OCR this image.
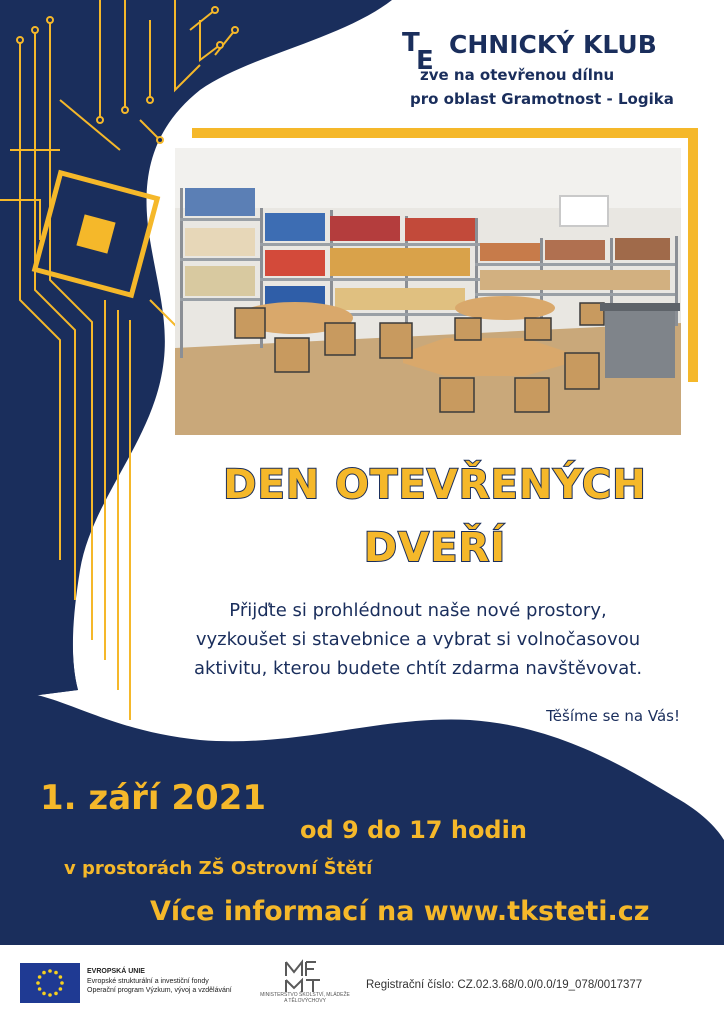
T
E
CHNICKÝ KLUB
zve na otevřenou dílnu
pro oblast Gramotnost - Logika
DEN OTEVŘENÝCH
DVEŘÍ
Přijďte si prohlédnout naše nové prostory,
vyzkoušet si stavebnice a vybrat si volnočasovou
aktivitu, kterou budete chtít zdarma navštěvovat.
Těšíme se na Vás!
1. září 2021
od 9 do 17 hodin
v prostorách ZŠ Ostrovní Štětí
Více informací na www.tksteti.cz
EVROPSKÁ UNIE
Evropské strukturální a investiční fondy
Operační program Výzkum, vývoj a vzdělávání
MINISTERSTVO ŠKOLSTVÍ, MLÁDEŽE A TĚLOVÝCHOVY
Registrační číslo: CZ.02.3.68/0.0/0.0/19_078/0017377
